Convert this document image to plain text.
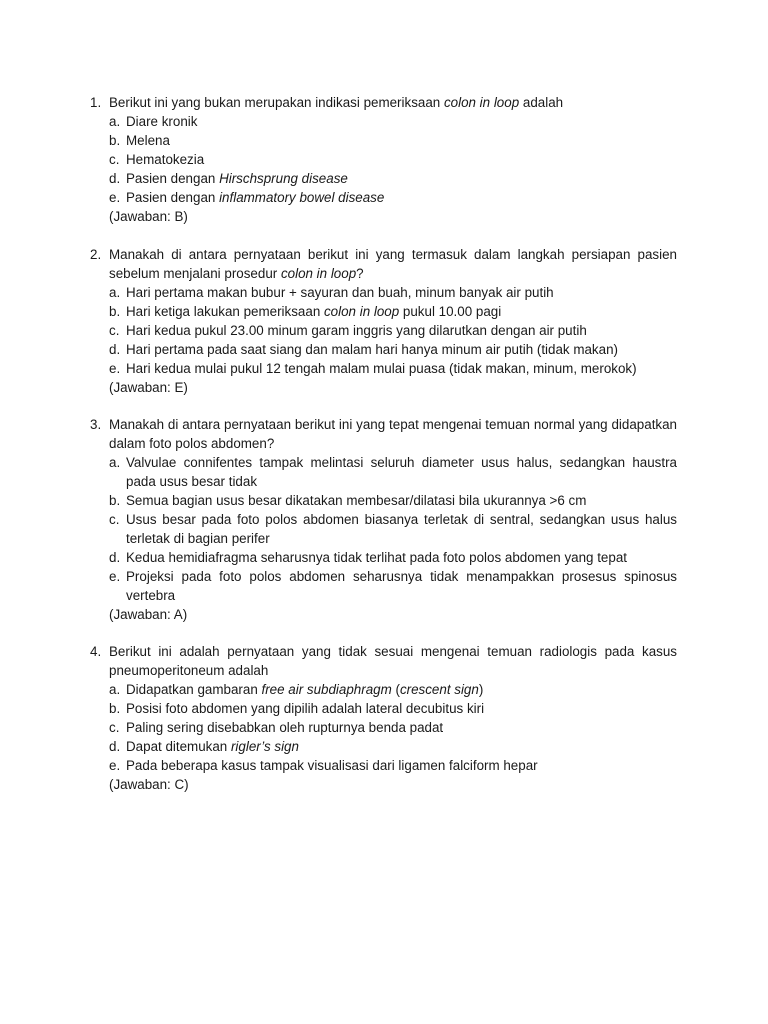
1. Berikut ini yang bukan merupakan indikasi pemeriksaan colon in loop adalah
a. Diare kronik
b. Melena
c. Hematokezia
d. Pasien dengan Hirschsprung disease
e. Pasien dengan inflammatory bowel disease
(Jawaban: B)
2. Manakah di antara pernyataan berikut ini yang termasuk dalam langkah persiapan pasien sebelum menjalani prosedur colon in loop?
a. Hari pertama makan bubur + sayuran dan buah, minum banyak air putih
b. Hari ketiga lakukan pemeriksaan colon in loop pukul 10.00 pagi
c. Hari kedua pukul 23.00 minum garam inggris yang dilarutkan dengan air putih
d. Hari pertama pada saat siang dan malam hari hanya minum air putih (tidak makan)
e. Hari kedua mulai pukul 12 tengah malam mulai puasa (tidak makan, minum, merokok)
(Jawaban: E)
3. Manakah di antara pernyataan berikut ini yang tepat mengenai temuan normal yang didapatkan dalam foto polos abdomen?
a. Valvulae connifentes tampak melintasi seluruh diameter usus halus, sedangkan haustra pada usus besar tidak
b. Semua bagian usus besar dikatakan membesar/dilatasi bila ukurannya >6 cm
c. Usus besar pada foto polos abdomen biasanya terletak di sentral, sedangkan usus halus terletak di bagian perifer
d. Kedua hemidiafragma seharusnya tidak terlihat pada foto polos abdomen yang tepat
e. Projeksi pada foto polos abdomen seharusnya tidak menampakkan prosesus spinosus vertebra
(Jawaban: A)
4. Berikut ini adalah pernyataan yang tidak sesuai mengenai temuan radiologis pada kasus pneumoperitoneum adalah
a. Didapatkan gambaran free air subdiaphragm (crescent sign)
b. Posisi foto abdomen yang dipilih adalah lateral decubitus kiri
c. Paling sering disebabkan oleh rupturnya benda padat
d. Dapat ditemukan rigler’s sign
e. Pada beberapa kasus tampak visualisasi dari ligamen falciform hepar
(Jawaban: C)
